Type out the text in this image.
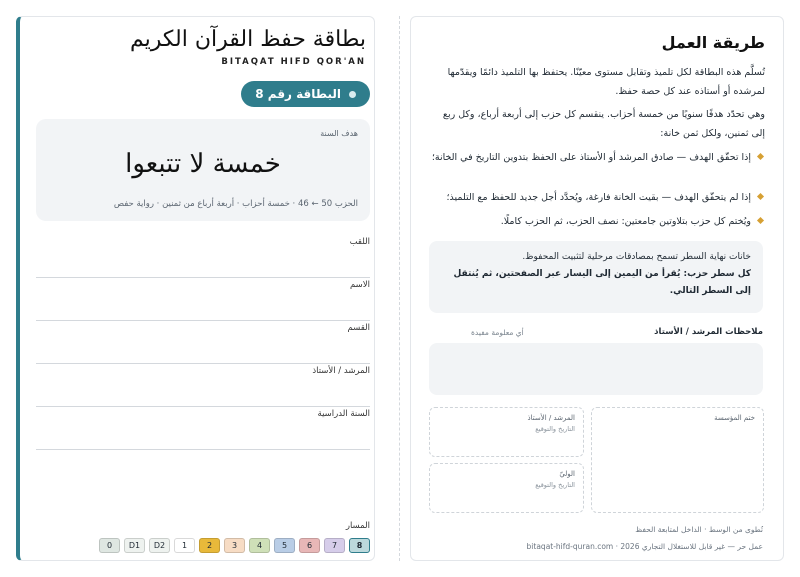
بطاقة حفظ القرآن الكريم
BITAQAT HIFD QOR'AN
البطاقة رقم 8
هدف السنة
خمسة لا تتبعوا
الحزب 50 ← 46 · خمسة أحزاب · أربعة أرباع من ثمنين · رواية حفص
اللقب
الاسم
القسم
المرشد / الأستاذ
السنة الدراسية
المسار
8
7
6
5
4
3
2
1
D2
D1
0
طريقة العمل
تُسلَّم هذه البطاقة لكل تلميذ وتقابل مستوى معيّنًا. يحتفظ بها التلميذ دائمًا ويقدّمها لمرشده أو أستاذه عند كل حصة حفظ.
وهي تحدّد هدفًا سنويًا من خمسة أحزاب. ينقسم كل حزب إلى أربعة أرباع، وكل ربع إلى ثمنين، ولكل ثمن خانة:
إذا تحقّق الهدف — صادق المرشد أو الأستاذ على الحفظ بتدوين التاريخ في الخانة؛
إذا لم يتحقّق الهدف — بقيت الخانة فارغة، ويُحدَّد أجل جديد للحفظ مع التلميذ؛
ويُختم كل حزب بتلاوتين جامعتين: نصف الحزب، ثم الحزب كاملًا.
خانات نهاية السطر تسمح بمصادقات مرحلية لتثبيت المحفوظ.
كل سطر حزب: يُقرأ من اليمين إلى اليسار عبر الصفحتين، ثم يُنتقل إلى السطر التالي.
ملاحظات المرشد / الأستاذ
أي معلومة مفيدة
ختم المؤسسة
المرشد / الأستاذ
التاريخ والتوقيع
الوليّ
التاريخ والتوقيع
تُطوى من الوسط · الداخل لمتابعة الحفظ
عمل حر — غير قابل للاستغلال التجاري bitaqat-hifd-quran.com · 2026
